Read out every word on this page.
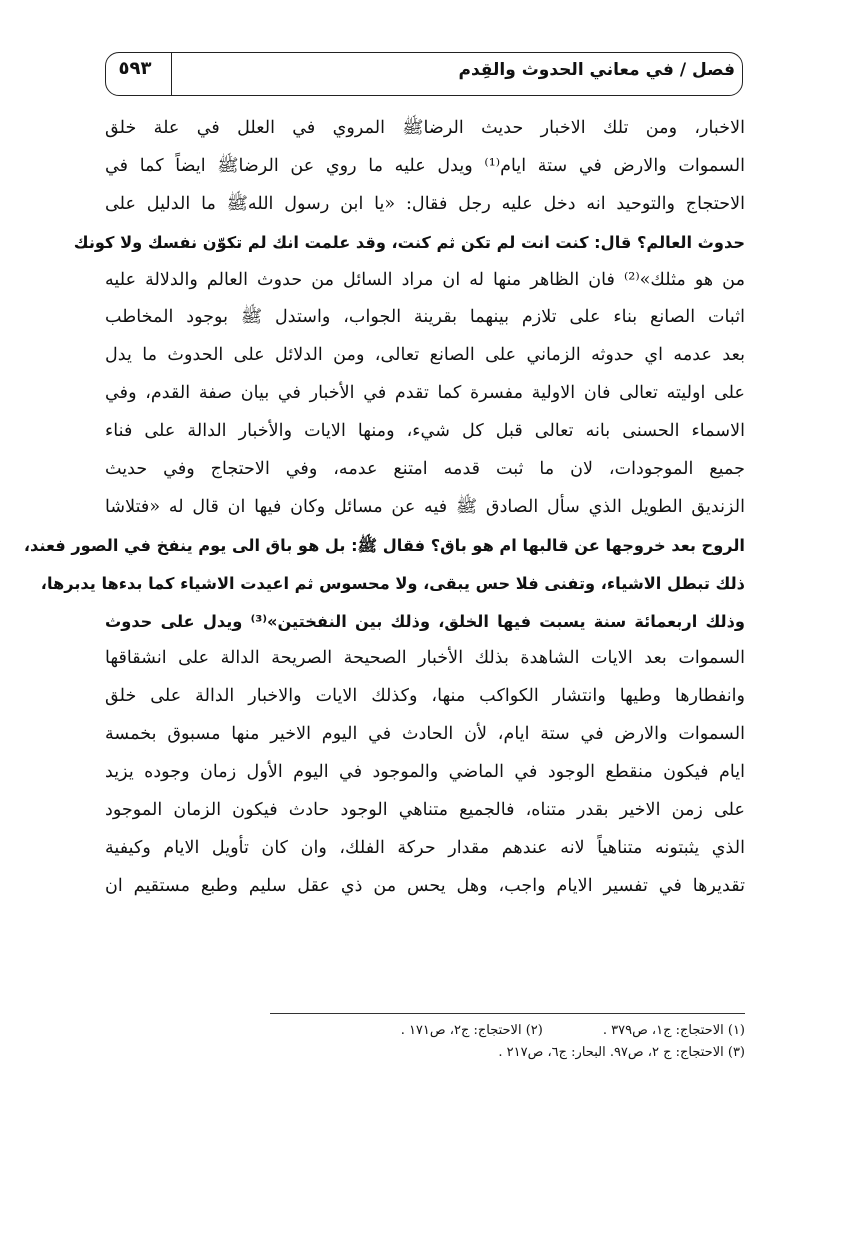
٥٩٣	فصل / في معاني الحدوث والقِدم
الاخبار، ومن تلك الاخبار حديث الرضاﷺ المروي في العلل في علة خلق
السموات والارض في ستة ايام⁽¹⁾ ويدل عليه ما روي عن الرضاﷺ ايضاً كما في
الاحتجاج والتوحيد انه دخل عليه رجل فقال: «يا ابن رسول اللهﷺ ما الدليل على
حدوث العالم؟ قال: كنت انت لم تكن ثم كنت، وقد علمت انك لم تكوّن نفسك ولا كونك
من هو مثلك»⁽²⁾ فان الظاهر منها له ان مراد السائل من حدوث العالم والدلالة عليه
اثبات الصانع بناء على تلازم بينهما بقرينة الجواب، واستدل ﷺ بوجود المخاطب
بعد عدمه اي حدوثه الزماني على الصانع تعالى، ومن الدلائل على الحدوث ما يدل
على اوليته تعالى فان الاولية مفسرة كما تقدم في الأخبار في بيان صفة القدم، وفي
الاسماء الحسنى بانه تعالى قبل كل شيء، ومنها الايات والأخبار الدالة على فناء
جميع الموجودات، لان ما ثبت قدمه امتنع عدمه، وفي الاحتجاج وفي حديث
الزنديق الطويل الذي سأل الصادق ﷺ فيه عن مسائل وكان فيها ان قال له «فتلاشا
الروح بعد خروجها عن قالبها ام هو باق؟ فقال ﷺ: بل هو باق الى يوم ينفخ في الصور فعند،
ذلك تبطل الاشياء، وتفنى فلا حس يبقى، ولا محسوس ثم اعيدت الاشياء كما بدءها يدبرها،
وذلك اربعمائة سنة يسبت فيها الخلق، وذلك بين النفختين»⁽³⁾ ويدل على حدوث
السموات بعد الايات الشاهدة بذلك الأخبار الصحيحة الصريحة الدالة على انشقاقها
وانفطارها وطيها وانتشار الكواكب منها، وكذلك الايات والاخبار الدالة على خلق
السموات والارض في ستة ايام، لأن الحادث في اليوم الاخير منها مسبوق بخمسة
ايام فيكون منقطع الوجود في الماضي والموجود في اليوم الأول زمان وجوده يزيد
على زمن الاخير بقدر متناه، فالجميع متناهي الوجود حادث فيكون الزمان الموجود
الذي يثبتونه متناهياً لانه عندهم مقدار حركة الفلك، وان كان تأويل الايام وكيفية
تقديرها في تفسير الايام واجب، وهل يحس من ذي عقل سليم وطبع مستقيم ان
(١) الاحتجاج: ج١، ص٣٧٩ .
(٢) الاحتجاج: ج٢، ص١٧١ .
(٣) الاحتجاج: ج ٢، ص٩٧. البحار: ج٦، ص٢١٧ .
